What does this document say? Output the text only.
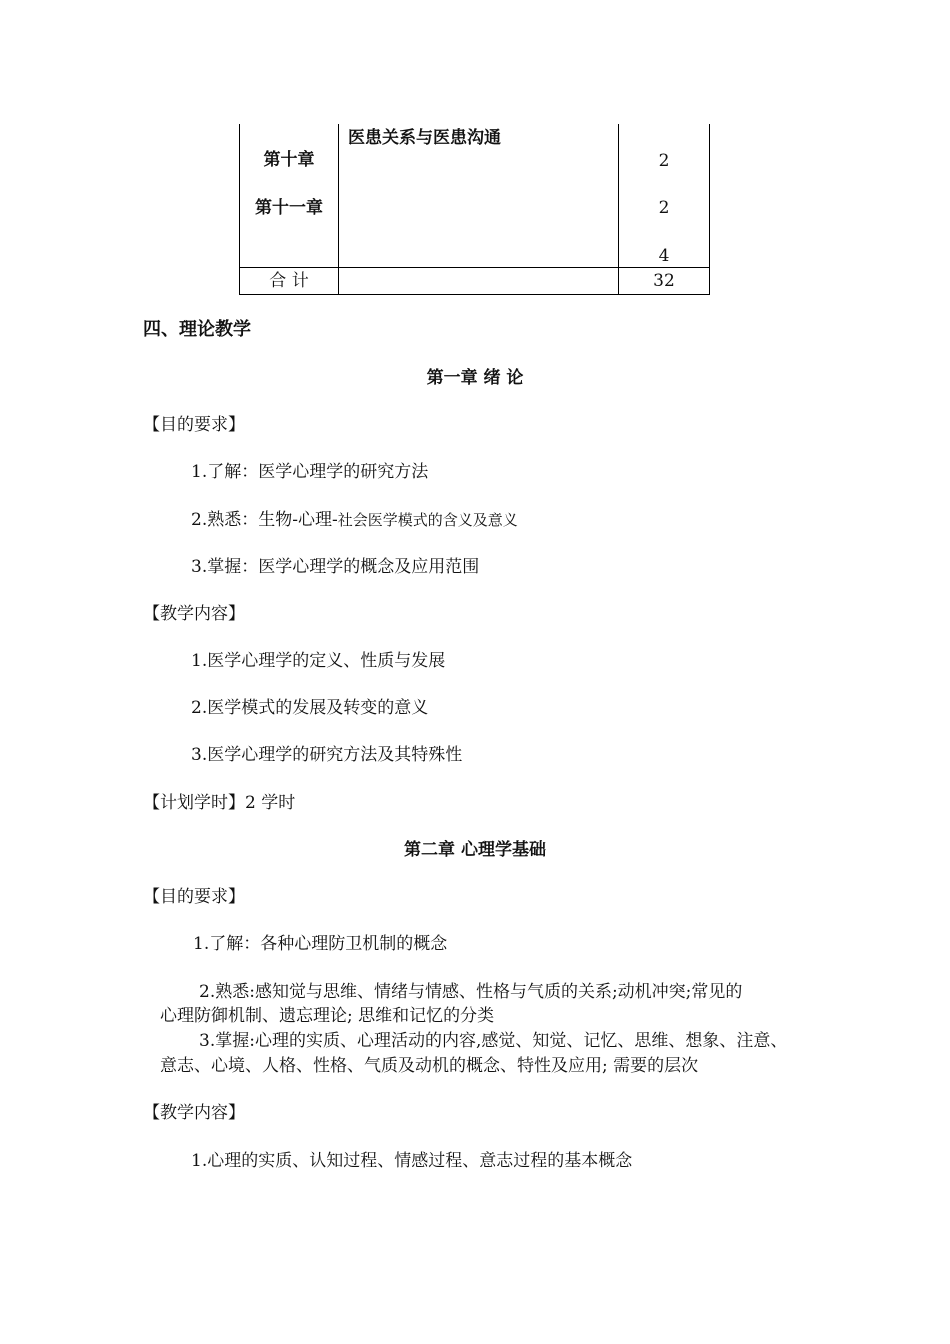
第十章
第十一章
医患关系与医患沟通
2
2
4
合 计	32
四、理论教学
第一章 绪 论
【目的要求】
1.了解：医学心理学的研究方法
2.熟悉：生物-心理-社会医学模式的含义及意义
3.掌握：医学心理学的概念及应用范围
【教学内容】
1.医学心理学的定义、性质与发展
2.医学模式的发展及转变的意义
3.医学心理学的研究方法及其特殊性
【计划学时】2 学时
第二章 心理学基础
【目的要求】
1.了解：各种心理防卫机制的概念
2.熟悉:感知觉与思维、情绪与情感、性格与气质的关系;动机冲突;常见的
心理防御机制、遗忘理论; 思维和记忆的分类
3.掌握:心理的实质、心理活动的内容,感觉、知觉、记忆、思维、想象、注意、
意志、心境、人格、性格、气质及动机的概念、特性及应用; 需要的层次
【教学内容】
1.心理的实质、认知过程、情感过程、意志过程的基本概念
